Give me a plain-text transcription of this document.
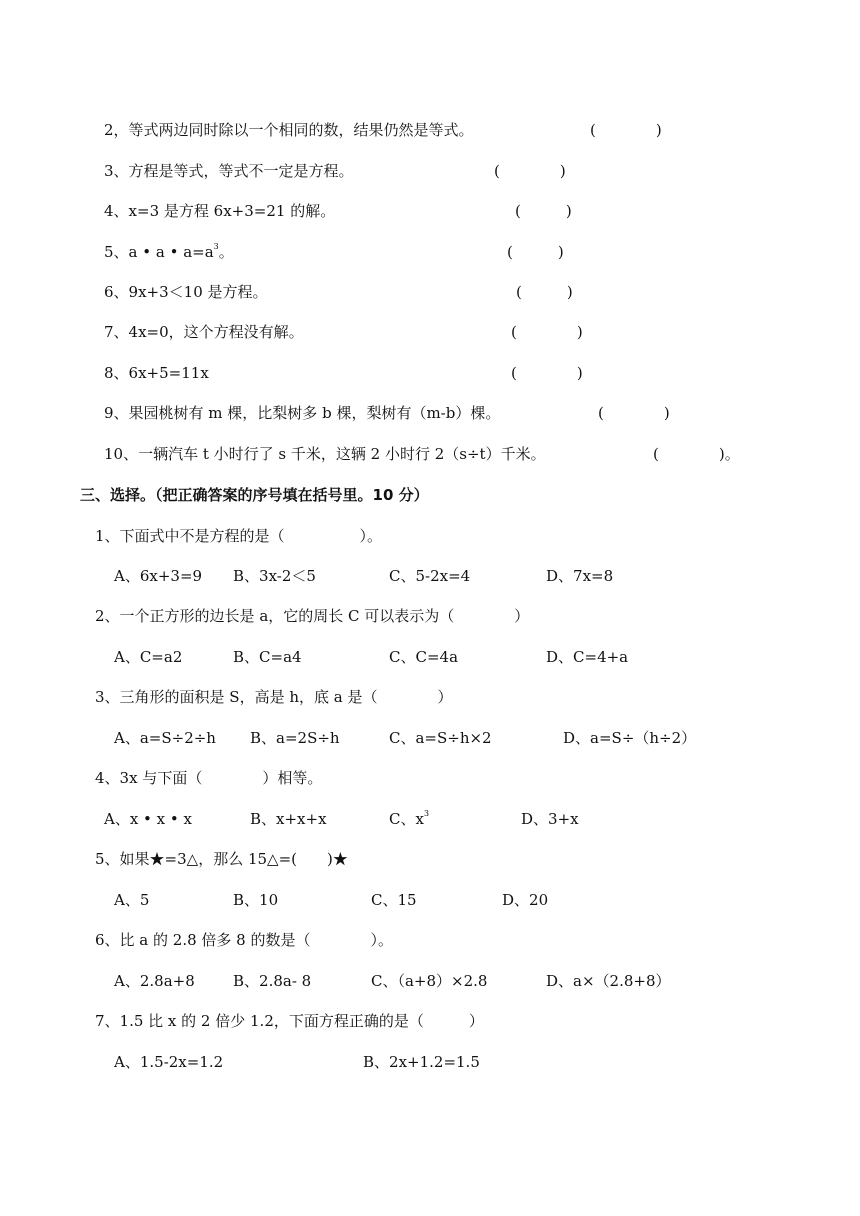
2，等式两边同时除以一个相同的数，结果仍然是等式。	(　　　　)
3、方程是等式，等式不一定是方程。	(　　　　)
4、x=3 是方程 6x+3=21 的解。	(　　　)
5、a • a • $a=a^3$。	(　　　)
6、9x+3＜10 是方程。	(　　　)
7、4x=0，这个方程没有解。	(　　　　)
8、6x+5=11x	(　　　　)
9、果园桃树有 m 棵，比梨树多 b 棵，梨树有（m-b）棵。	(　　　　)
10、一辆汽车 t 小时行了 s 千米，这辆 2 小时行 2（s÷t）千米。	(　　　　)。
三、选择。（把正确答案的序号填在括号里。10 分）
1、下面式中不是方程的是（　　　　　）。
A、6x+3=9 B、3x-2＜5	C、5-2x=4	D、7x=8
2、一个正方形的边长是 a，它的周长 C 可以表示为（　　　　）
A、C=a2	B、C=a4	C、C=4a	D、C=4+a
3、三角形的面积是 S，高是 h，底 a 是（　　　　）
A、a=S÷2÷h B、a=2S÷h	C、a=S÷h×2	D、a=S÷（h÷2）
4、3x 与下面（　　　　）相等。
A、x • x • x	B、x+x+x	C、$x^3$	D、3+x
5、如果★=3△，那么 15△=(　　)★
A、5	B、10	C、15	D、20
6、比 a 的 2.8 倍多 8 的数是（　　　　）。
A、2.8a+8	B、2.8a- 8	C、（a+8）×2.8	D、a×（2.8+8）
7、1.5 比 x 的 2 倍少 1.2，下面方程正确的是（　　　）
A、1.5-2x=1.2	B、2x+1.2=1.5
